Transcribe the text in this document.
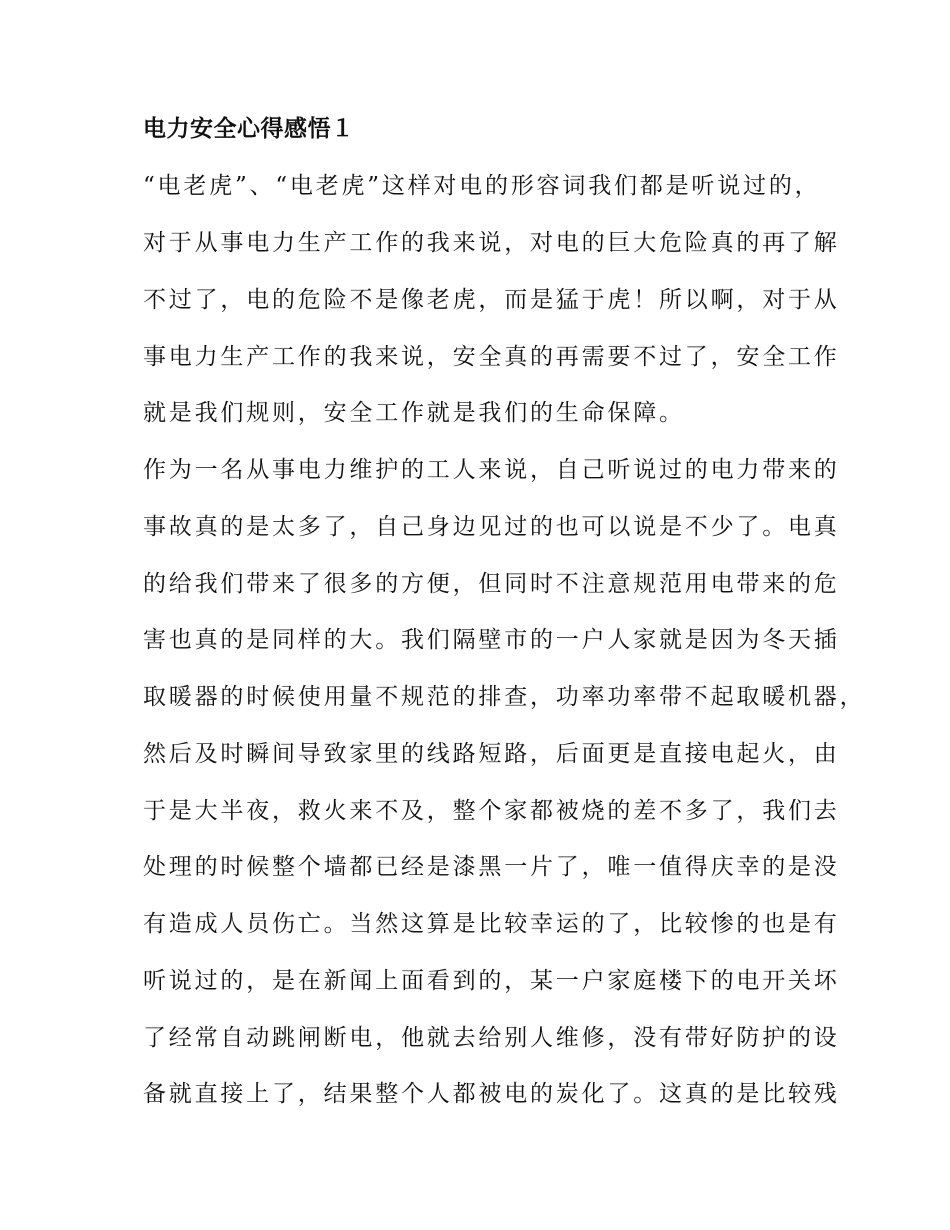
电力安全心得感悟１
“电老虎”、“电老虎”这样对电的形容词我们都是听说过的，
对于从事电力生产工作的我来说，对电的巨大危险真的再了解
不过了，电的危险不是像老虎，而是猛于虎！所以啊，对于从
事电力生产工作的我来说，安全真的再需要不过了，安全工作
就是我们规则，安全工作就是我们的生命保障。
作为一名从事电力维护的工人来说，自己听说过的电力带来的
事故真的是太多了，自己身边见过的也可以说是不少了。电真
的给我们带来了很多的方便，但同时不注意规范用电带来的危
害也真的是同样的大。我们隔壁市的一户人家就是因为冬天插
取暖器的时候使用量不规范的排查，功率功率带不起取暖机器，
然后及时瞬间导致家里的线路短路，后面更是直接电起火，由
于是大半夜，救火来不及，整个家都被烧的差不多了，我们去
处理的时候整个墙都已经是漆黑一片了，唯一值得庆幸的是没
有造成人员伤亡。当然这算是比较幸运的了，比较惨的也是有
听说过的，是在新闻上面看到的，某一户家庭楼下的电开关坏
了经常自动跳闸断电，他就去给别人维修，没有带好防护的设
备就直接上了，结果整个人都被电的炭化了。这真的是比较残
